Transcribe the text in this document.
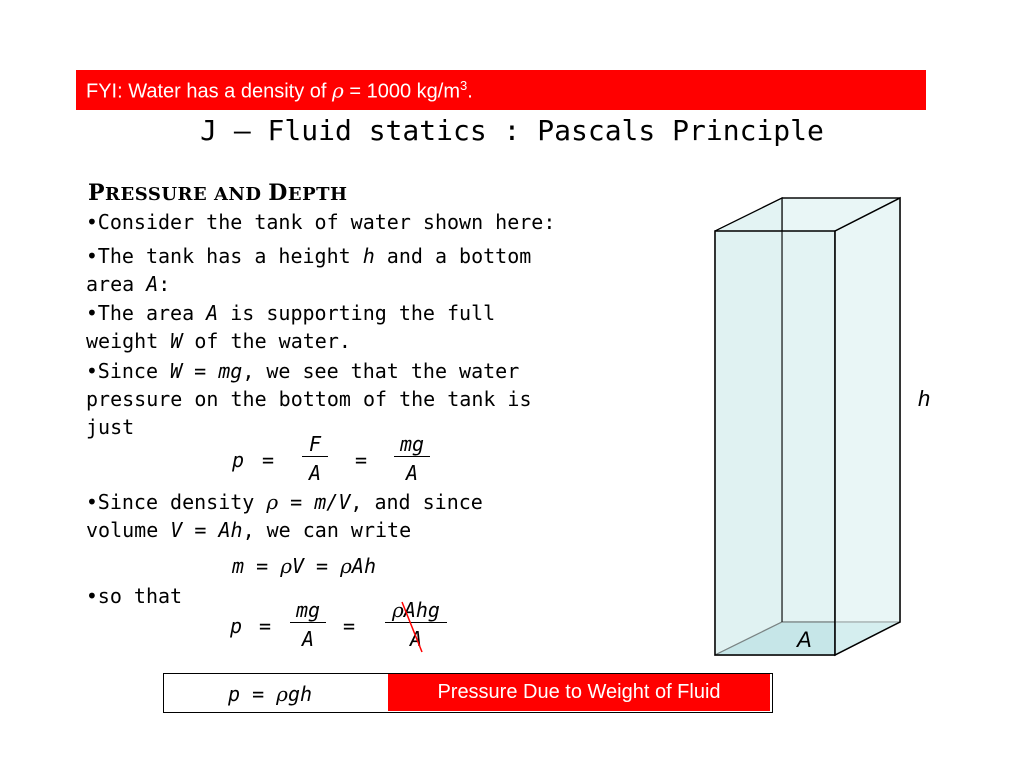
FYI: Water has a density of ρ = 1000 $kg/m^3$.
J – Fluid statics : Pascals Principle
PRESSURE AND DEPTH
•Consider the tank of water shown here:
•The tank has a height h and a bottom
area A:
•The area A is supporting the full
weight W of the water.
•Since W = mg, we see that the water
pressure on the bottom of the tank is
just
$p = \frac{F}{A} = \frac{mg}{A}$
•Since density ρ = m/V, and since
volume V = Ah, we can write
m = ρV = ρAh
•so that
$p = \frac{mg}{A}$ =
ρAhg
A
p = ρgh	Pressure Due to Weight of Fluid
h
A
